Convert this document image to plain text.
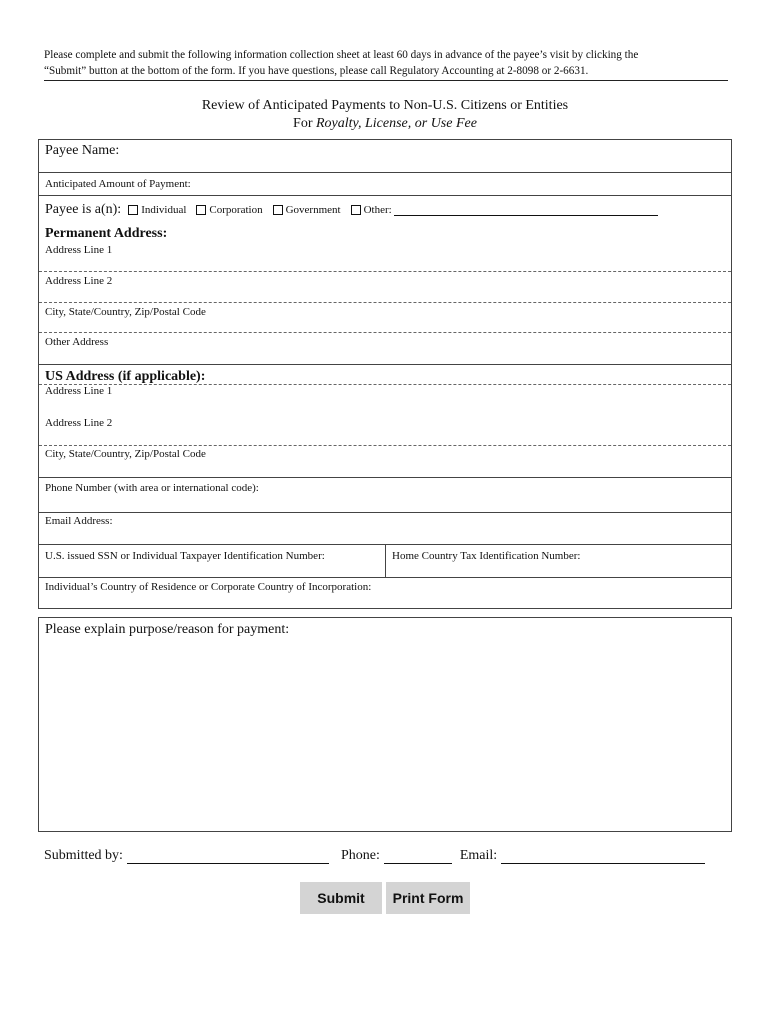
Please complete and submit the following information collection sheet at least 60 days in advance of the payee’s visit by clicking the
“Submit” button at the bottom of the form. If you have questions, please call Regulatory Accounting at 2-8098 or 2-6631.
Review of Anticipated Payments to Non-U.S. Citizens or Entities
For Royalty, License, or Use Fee
Payee Name:
Anticipated Amount of Payment:
Payee is a(n): Individual Corporation Government Other:
Permanent Address:
Address Line 1
Address Line 2
City, State/Country, Zip/Postal Code
Other Address
US Address (if applicable):
Address Line 1
Address Line 2
City, State/Country, Zip/Postal Code
Phone Number (with area or international code):
Email Address:
U.S. issued SSN or Individual Taxpayer Identification Number:	Home Country Tax Identification Number:
Individual’s Country of Residence or Corporate Country of Incorporation:
Please explain purpose/reason for payment:
Submitted by:	Phone:	Email:
Submit	Print Form
